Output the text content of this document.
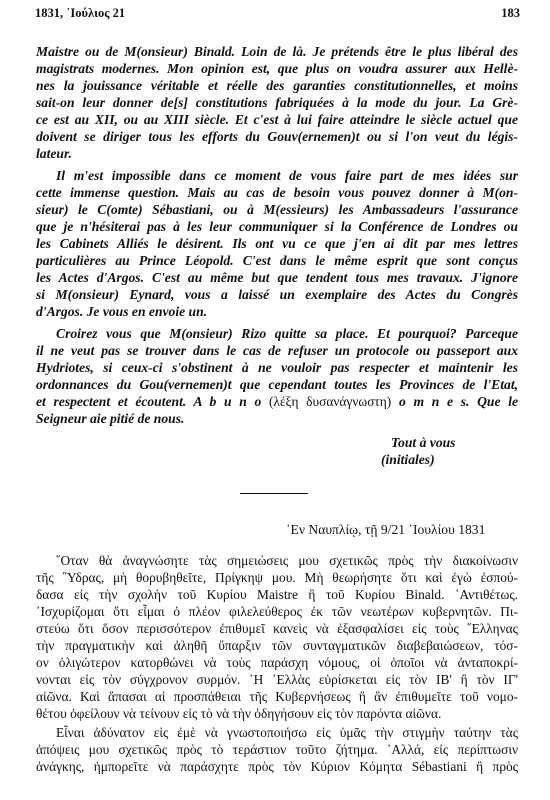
1831, ᾽Ιούλιος 21	183
Maistre ou de M(onsieur) Binald. Loin de là. Je prétends être le plus libéral des
magistrats modernes. Mon opinion est, que plus on voudra assurer aux Hellè-
nes la jouissance véritable et réelle des garanties constitutionnelles, et moins
sait-on leur donner de[s] constitutions fabriquées à la mode du jour. La Grè-
ce est au XII, ou au XIII siècle. Et c'est à lui faire atteindre le siècle actuel que
doivent se diriger tous les efforts du Gouv(ernemen)t ou si l'on veut du légis-
lateur.
Il m'est impossible dans ce moment de vous faire part de mes idées sur
cette immense question. Mais au cas de besoin vous pouvez donner à M(on-
sieur) le C(omte) Sébastiani, ou à M(essieurs) les Ambassadeurs l'assurance
que je n'hésiterai pas à les leur communiquer si la Conférence de Londres ou
les Cabinets Alliés le désirent. Ils ont vu ce que j'en ai dit par mes lettres
particulières au Prince Léopold. C'est dans le même esprit que sont conçus
les Actes d'Argos. C'est au même but que tendent tous mes travaux. J'ignore
si M(onsieur) Eynard, vous a laissé un exemplaire des Actes du Congrès
d'Argos. Je vous en envoie un.
Croirez vous que M(onsieur) Rizo quitte sa place. Et pourquoi? Parceque
il ne veut pas se trouver dans le cas de refuser un protocole ou passeport aux
Hydriotes, si ceux-ci s'obstinent à ne vouloir pas respecter et maintenir les
ordonnances du Gou(vernemen)t que cependant toutes les Provinces de l'Etat,
et respectent et écoutent. A b u n o (λέξη δυσανάγνωστη) o m n e s. Que le
Seigneur aie pitié de nous.
Tout à vous
(initiales)
᾽Εν Ναυπλίῳ, τῇ 9/21 ᾽Ιουλίου 1831
῞Οταν θὰ ἀναγνώσητε τὰς σημειώσεις μου σχετικῶς πρὸς τὴν διακοίνωσιν
τῆς ῞Υδρας, μὴ θορυβηθεῖτε, Πρίγκηψ μου. Μὴ θεωρήσητε ὅτι καὶ ἐγὼ ἐσπού-
δασα εἰς τὴν σχολὴν τοῦ Κυρίου Maistre ἢ τοῦ Κυρίου Binald. ᾽Αντιθέτως.
᾽Ισχυρίζομαι ὅτι εἶμαι ὁ πλέον φιλελεύθερος ἐκ τῶν νεωτέρων κυβερνητῶν. Πι-
στεύω ὅτι ὅσον περισσότερον ἐπιθυμεῖ κανεὶς νὰ ἐξασφαλίσει εἰς τοὺς ῞Ελληνας
τὴν πραγματικὴν καὶ ἀληθῆ ὕπαρξιν τῶν συνταγματικῶν διαβεβαιώσεων, τόσ-
ον ὀλιγώτερον κατορθώνει νὰ τοὺς παράσχη νόμους, οἱ ὁποῖοι νὰ ἀνταποκρί-
νονται εἰς τὸν σύγχρονον συρμόν. ῾Η ῾Ελλὰς εὑρίσκεται εἰς τὸν ΙΒ' ἢ τὸν ΙΓ'
αἰῶνα. Καὶ ἅπασαι αἱ προσπάθειαι τῆς Κυβερνήσεως ἢ ἂν ἐπιθυμεῖτε τοῦ νομο-
θέτου ὀφείλουν νὰ τείνουν εἰς τὸ νὰ τὴν ὁδηγήσουν εἰς τὸν παρόντα αἰῶνα.
Εἶναι ἀδύνατον εἰς ἐμὲ νὰ γνωστοποιήσω εἰς ὑμᾶς τὴν στιγμὴν ταύτην τὰς
ἀπόψεις μου σχετικῶς πρὸς τὸ τεράστιον τοῦτο ζήτημα. ᾽Αλλά, εἰς περίπτωσιν
ἀνάγκης, ἠμπορεῖτε νὰ παράσχητε πρὸς τὸν Κύριον Κόμητα Sébastiani ἢ πρὸς
